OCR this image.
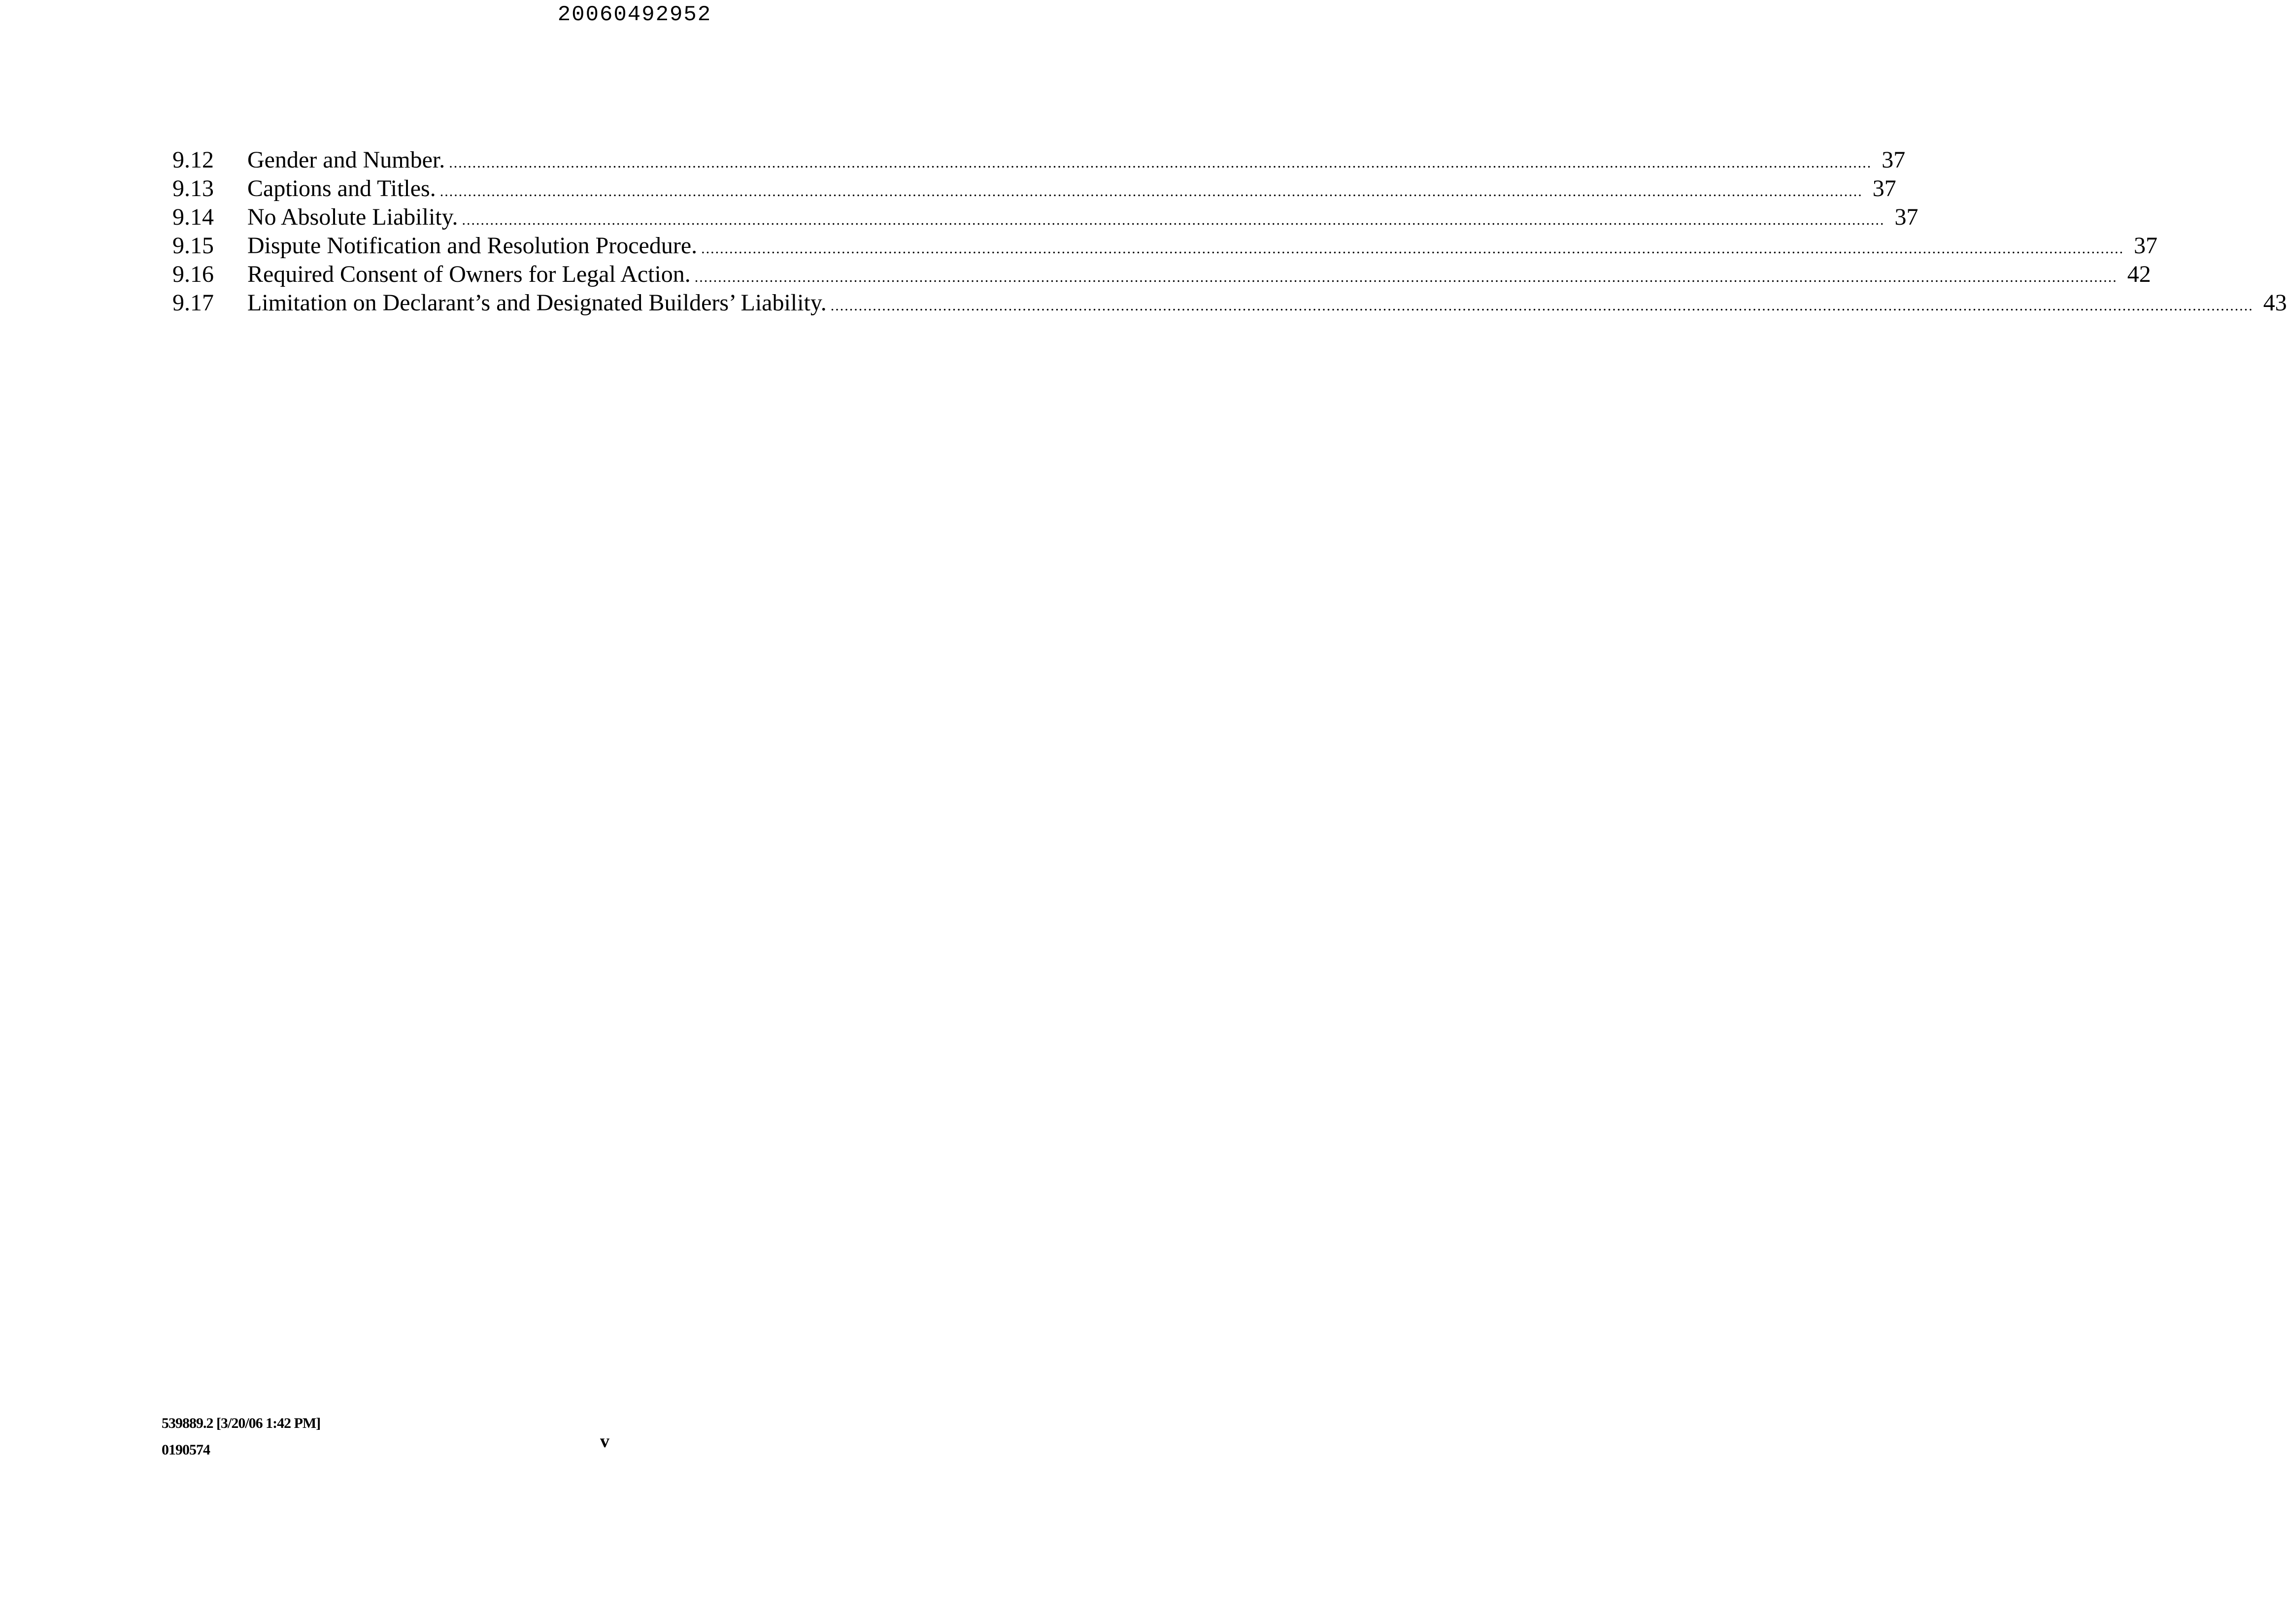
20060492952
9.12	Gender and Number. .....	37
9.13	Captions and Titles. .....	37
9.14	No Absolute Liability. .....	37
9.15	Dispute Notification and Resolution Procedure. .....	37
9.16	Required Consent of Owners for Legal Action. .....	42
9.17	Limitation on Declarant’s and Designated Builders’ Liability. .....	43
539889.2 [3/20/06 1:42 PM]
0190574	v
